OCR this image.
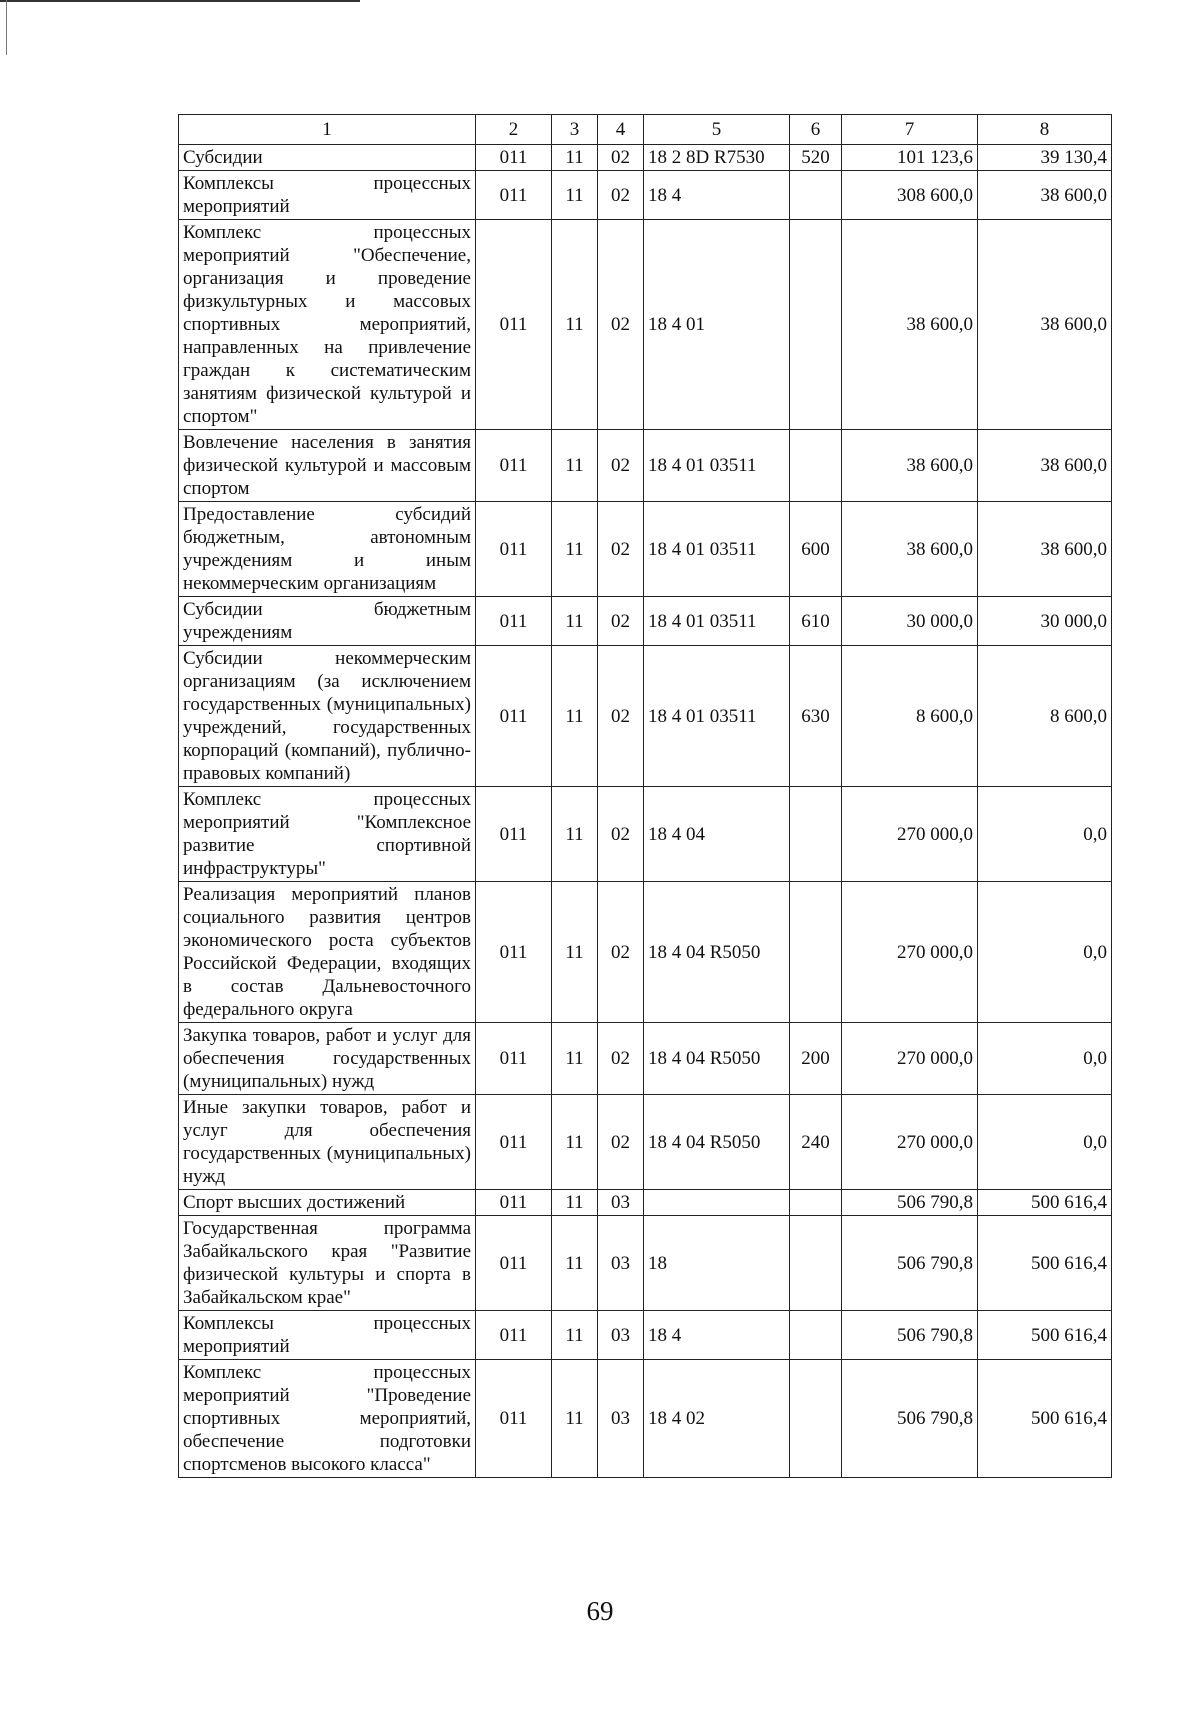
1	2	3	4	5	6	7	8
Субсидии	011	11	02	18 2 8D R7530	520	101 123,6	39 130,4
Комплексы процессных мероприятий	011	11	02	18 4		308 600,0	38 600,0
Комплекс процессных мероприятий "Обеспечение, организация и проведение физкультурных и массовых спортивных мероприятий, направленных на привлечение граждан к систематическим занятиям физической культурой и спортом"	011	11	02	18 4 01		38 600,0	38 600,0
Вовлечение населения в занятия физической культурой и массовым спортом	011	11	02	18 4 01 03511		38 600,0	38 600,0
Предоставление субсидий бюджетным, автономным учреждениям и иным некоммерческим организациям	011	11	02	18 4 01 03511	600	38 600,0	38 600,0
Субсидии бюджетным учреждениям	011	11	02	18 4 01 03511	610	30 000,0	30 000,0
Субсидии некоммерческим организациям (за исключением государственных (муниципальных) учреждений, государственных корпораций (компаний), публично-правовых компаний)	011	11	02	18 4 01 03511	630	8 600,0	8 600,0
Комплекс процессных мероприятий "Комплексное развитие спортивной инфраструктуры"	011	11	02	18 4 04		270 000,0	0,0
Реализация мероприятий планов социального развития центров экономического роста субъектов Российской Федерации, входящих в состав Дальневосточного федерального округа	011	11	02	18 4 04 R5050		270 000,0	0,0
Закупка товаров, работ и услуг для обеспечения государственных (муниципальных) нужд	011	11	02	18 4 04 R5050	200	270 000,0	0,0
Иные закупки товаров, работ и услуг для обеспечения государственных (муниципальных) нужд	011	11	02	18 4 04 R5050	240	270 000,0	0,0
Спорт высших достижений	011	11	03			506 790,8	500 616,4
Государственная программа Забайкальского края "Развитие физической культуры и спорта в Забайкальском крае"	011	11	03	18		506 790,8	500 616,4
Комплексы процессных мероприятий	011	11	03	18 4		506 790,8	500 616,4
Комплекс процессных мероприятий "Проведение спортивных мероприятий, обеспечение подготовки спортсменов высокого класса"	011	11	03	18 4 02		506 790,8	500 616,4
69
